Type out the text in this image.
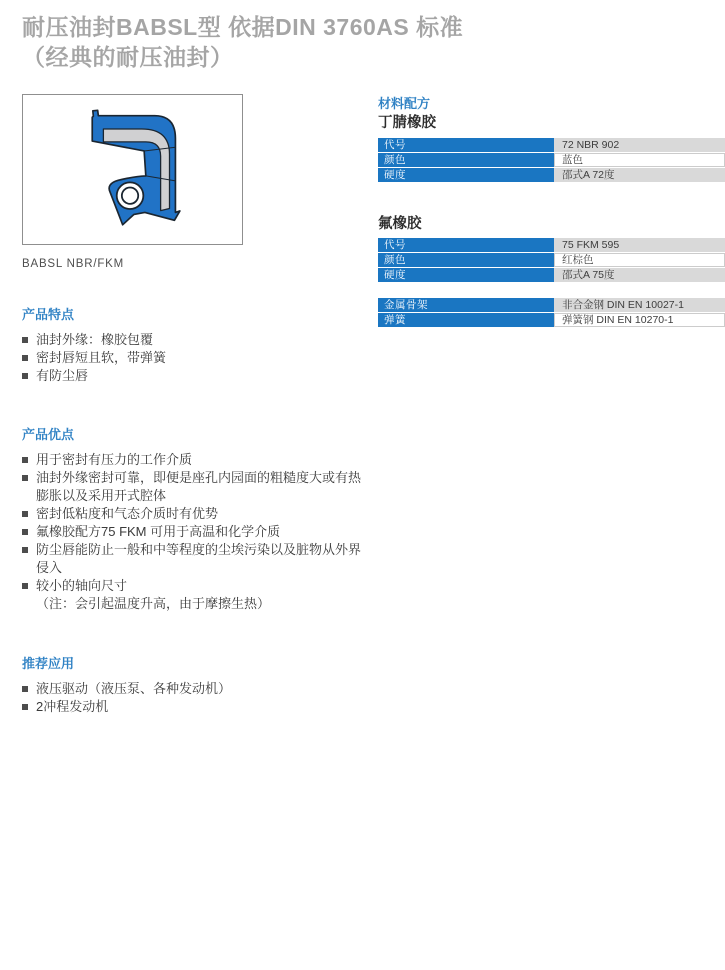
耐压油封BABSL型 依据DIN 3760AS 标准
（经典的耐压油封）
BABSL NBR/FKM
材料配方
丁腈橡胶
代号	72 NBR 902
颜色	蓝色
硬度	邵式A 72度
氟橡胶
代号	75 FKM 595
颜色	红棕色
硬度	邵式A 75度
金属骨架	非合金钢 DIN EN 10027-1
弹簧	弹簧钢 DIN EN 10270-1
产品特点
油封外缘：橡胶包覆
密封唇短且软，带弹簧
有防尘唇
产品优点
用于密封有压力的工作介质
油封外缘密封可靠，即便是座孔内园面的粗糙度大或有热膨胀以及采用开式腔体
密封低粘度和气态介质时有优势
氟橡胶配方75 FKM 可用于高温和化学介质
防尘唇能防止一般和中等程度的尘埃污染以及脏物从外界侵入
较小的轴向尺寸
（注：会引起温度升高，由于摩擦生热）
推荐应用
液压驱动（液压泵、各种发动机）
2冲程发动机
